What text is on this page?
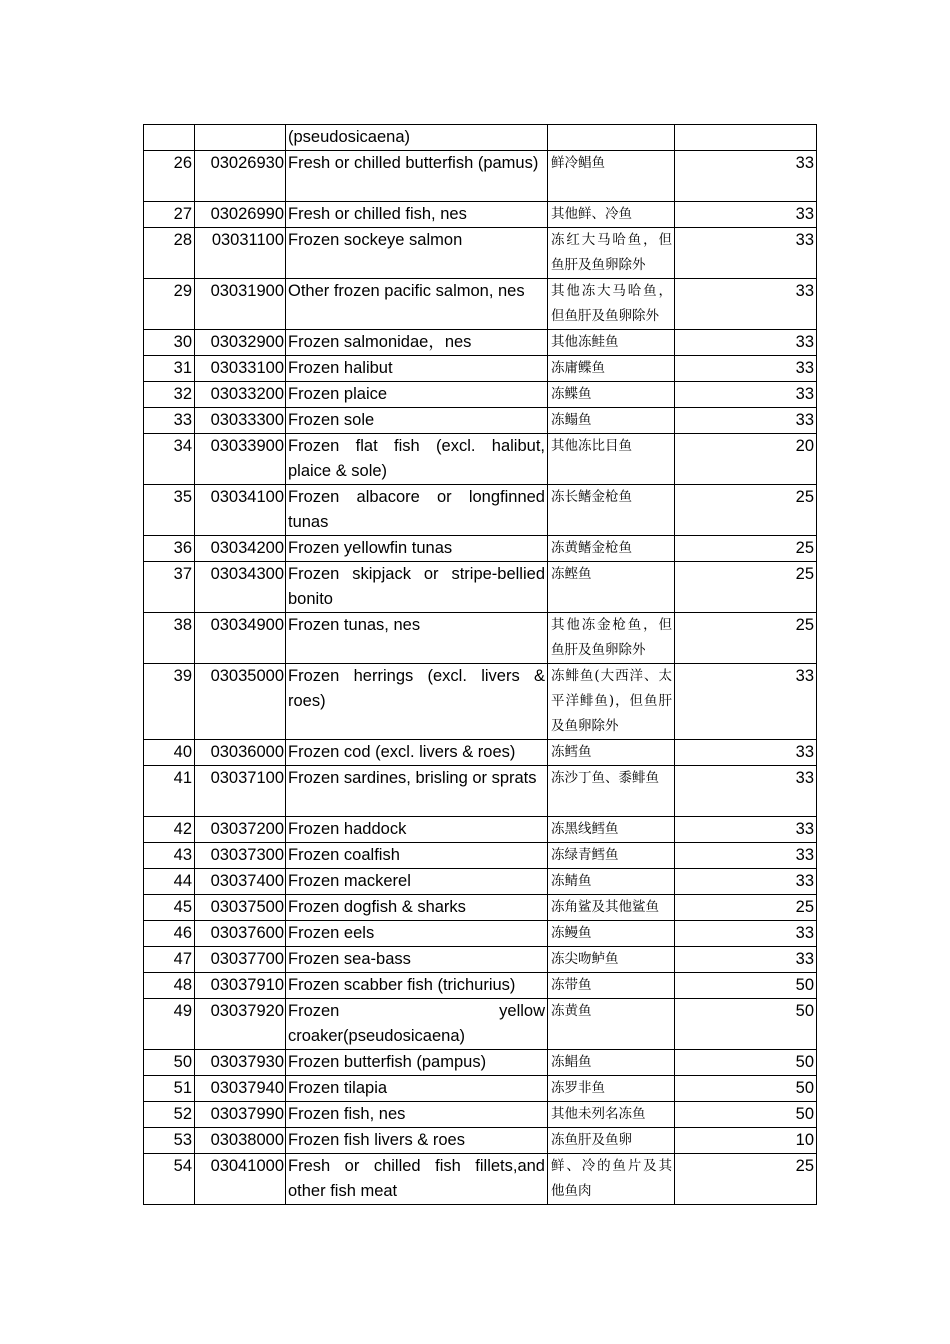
		(pseudosicaena)		
26	03026930	Fresh or chilled butterfish (pamus)	鲜冷鲳鱼	33
27	03026990	Fresh or chilled fish, nes	其他鲜、冷鱼	33
28	03031100	Frozen sockeye salmon	冻红大马哈鱼，但鱼肝及鱼卵除外	33
29	03031900	Other frozen pacific salmon, nes	其他冻大马哈鱼，但鱼肝及鱼卵除外	33
30	03032900	Frozen salmonidae，nes	其他冻鲑鱼	33
31	03033100	Frozen halibut	冻庸鲽鱼	33
32	03033200	Frozen plaice	冻鲽鱼	33
33	03033300	Frozen sole	冻鳎鱼	33
34	03033900	Frozen flat fish (excl. halibut, plaice & sole)	其他冻比目鱼	20
35	03034100	Frozen albacore or longfinned tunas	冻长鳍金枪鱼	25
36	03034200	Frozen yellowfin tunas	冻黄鳍金枪鱼	25
37	03034300	Frozen skipjack or stripe-bellied bonito	冻鲣鱼	25
38	03034900	Frozen tunas, nes	其他冻金枪鱼，但鱼肝及鱼卵除外	25
39	03035000	Frozen herrings (excl. livers & roes)	冻鲱鱼(大西洋、太平洋鲱鱼)，但鱼肝及鱼卵除外	33
40	03036000	Frozen cod (excl. livers & roes)	冻鳕鱼	33
41	03037100	Frozen sardines, brisling or sprats	冻沙丁鱼、黍鲱鱼	33
42	03037200	Frozen haddock	冻黑线鳕鱼	33
43	03037300	Frozen coalfish	冻绿青鳕鱼	33
44	03037400	Frozen mackerel	冻鲭鱼	33
45	03037500	Frozen dogfish & sharks	冻角鲨及其他鲨鱼	25
46	03037600	Frozen eels	冻鳗鱼	33
47	03037700	Frozen sea-bass	冻尖吻鲈鱼	33
48	03037910	Frozen scabber fish (trichurius)	冻带鱼	50
49	03037920	Frozen yellow croaker(pseudosicaena)	冻黄鱼	50
50	03037930	Frozen butterfish (pampus)	冻鲳鱼	50
51	03037940	Frozen tilapia	冻罗非鱼	50
52	03037990	Frozen fish, nes	其他未列名冻鱼	50
53	03038000	Frozen fish livers & roes	冻鱼肝及鱼卵	10
54	03041000	Fresh or chilled fish fillets,and other fish meat	鲜、冷的鱼片及其他鱼肉	25
